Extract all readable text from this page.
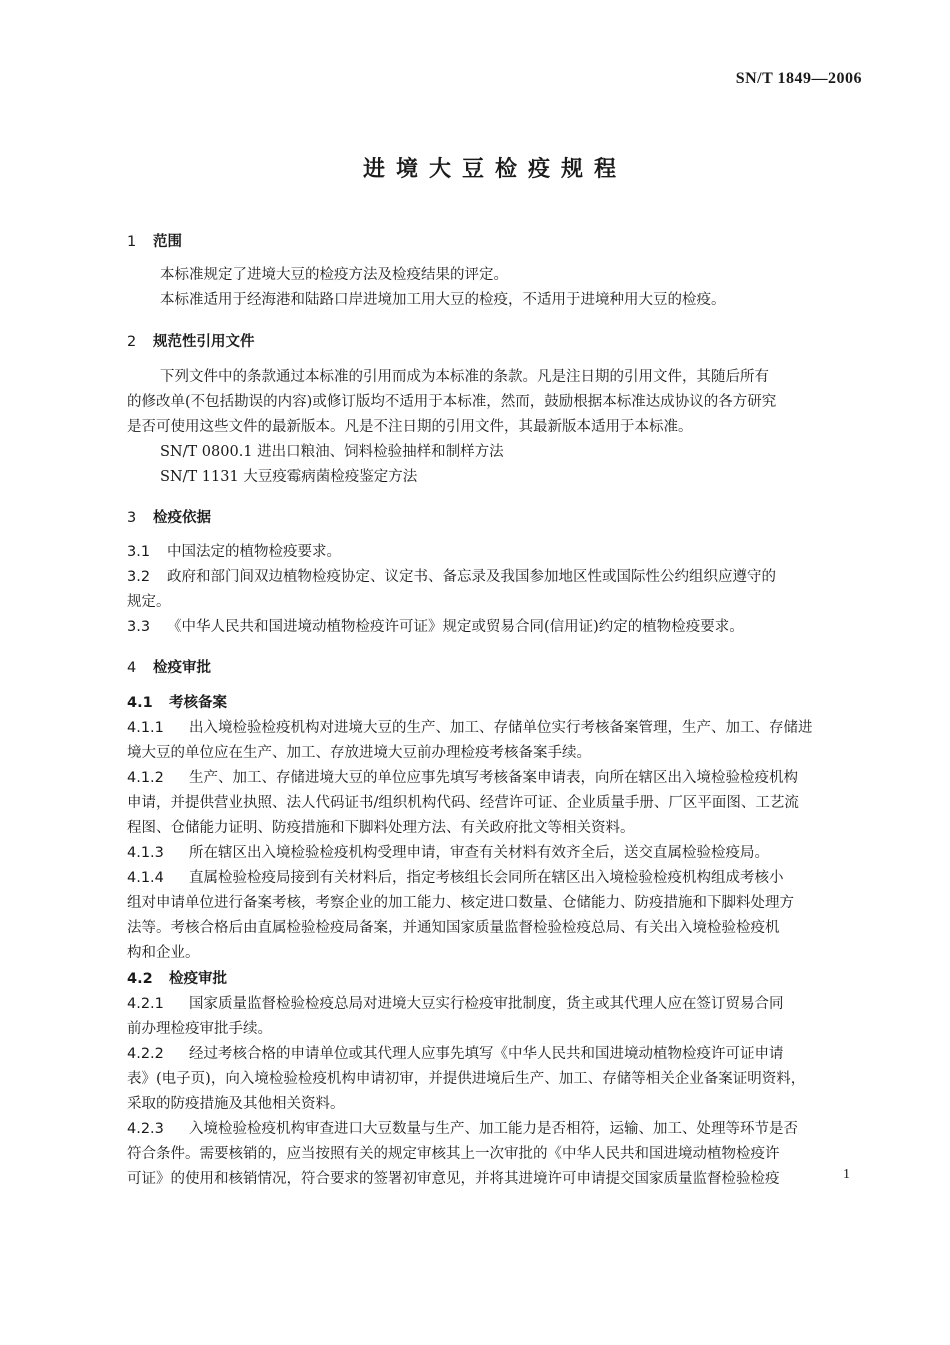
SN/T 1849—2006
进境大豆检疫规程
1 范围
本标准规定了进境大豆的检疫方法及检疫结果的评定。
本标准适用于经海港和陆路口岸进境加工用大豆的检疫，不适用于进境种用大豆的检疫。
2 规范性引用文件
下列文件中的条款通过本标准的引用而成为本标准的条款。凡是注日期的引用文件，其随后所有
的修改单(不包括勘误的内容)或修订版均不适用于本标准，然而，鼓励根据本标准达成协议的各方研究
是否可使用这些文件的最新版本。凡是不注日期的引用文件，其最新版本适用于本标准。
SN/T 0800.1 进出口粮油、饲料检验抽样和制样方法
SN/T 1131 大豆疫霉病菌检疫鉴定方法
3 检疫依据
3.1 中国法定的植物检疫要求。
3.2 政府和部门间双边植物检疫协定、议定书、备忘录及我国参加地区性或国际性公约组织应遵守的
规定。
3.3 《中华人民共和国进境动植物检疫许可证》规定或贸易合同(信用证)约定的植物检疫要求。
4 检疫审批
4.1 考核备案
4.1.1 出入境检验检疫机构对进境大豆的生产、加工、存储单位实行考核备案管理，生产、加工、存储进
境大豆的单位应在生产、加工、存放进境大豆前办理检疫考核备案手续。
4.1.2 生产、加工、存储进境大豆的单位应事先填写考核备案申请表，向所在辖区出入境检验检疫机构
申请，并提供营业执照、法人代码证书/组织机构代码、经营许可证、企业质量手册、厂区平面图、工艺流
程图、仓储能力证明、防疫措施和下脚料处理方法、有关政府批文等相关资料。
4.1.3 所在辖区出入境检验检疫机构受理申请，审查有关材料有效齐全后，送交直属检验检疫局。
4.1.4 直属检验检疫局接到有关材料后，指定考核组长会同所在辖区出入境检验检疫机构组成考核小
组对申请单位进行备案考核，考察企业的加工能力、核定进口数量、仓储能力、防疫措施和下脚料处理方
法等。考核合格后由直属检验检疫局备案，并通知国家质量监督检验检疫总局、有关出入境检验检疫机
构和企业。
4.2 检疫审批
4.2.1 国家质量监督检验检疫总局对进境大豆实行检疫审批制度，货主或其代理人应在签订贸易合同
前办理检疫审批手续。
4.2.2 经过考核合格的申请单位或其代理人应事先填写《中华人民共和国进境动植物检疫许可证申请
表》(电子页)，向入境检验检疫机构申请初审，并提供进境后生产、加工、存储等相关企业备案证明资料，
采取的防疫措施及其他相关资料。
4.2.3 入境检验检疫机构审查进口大豆数量与生产、加工能力是否相符，运输、加工、处理等环节是否
符合条件。需要核销的，应当按照有关的规定审核其上一次审批的《中华人民共和国进境动植物检疫许
可证》的使用和核销情况，符合要求的签署初审意见，并将其进境许可申请提交国家质量监督检验检疫	1
